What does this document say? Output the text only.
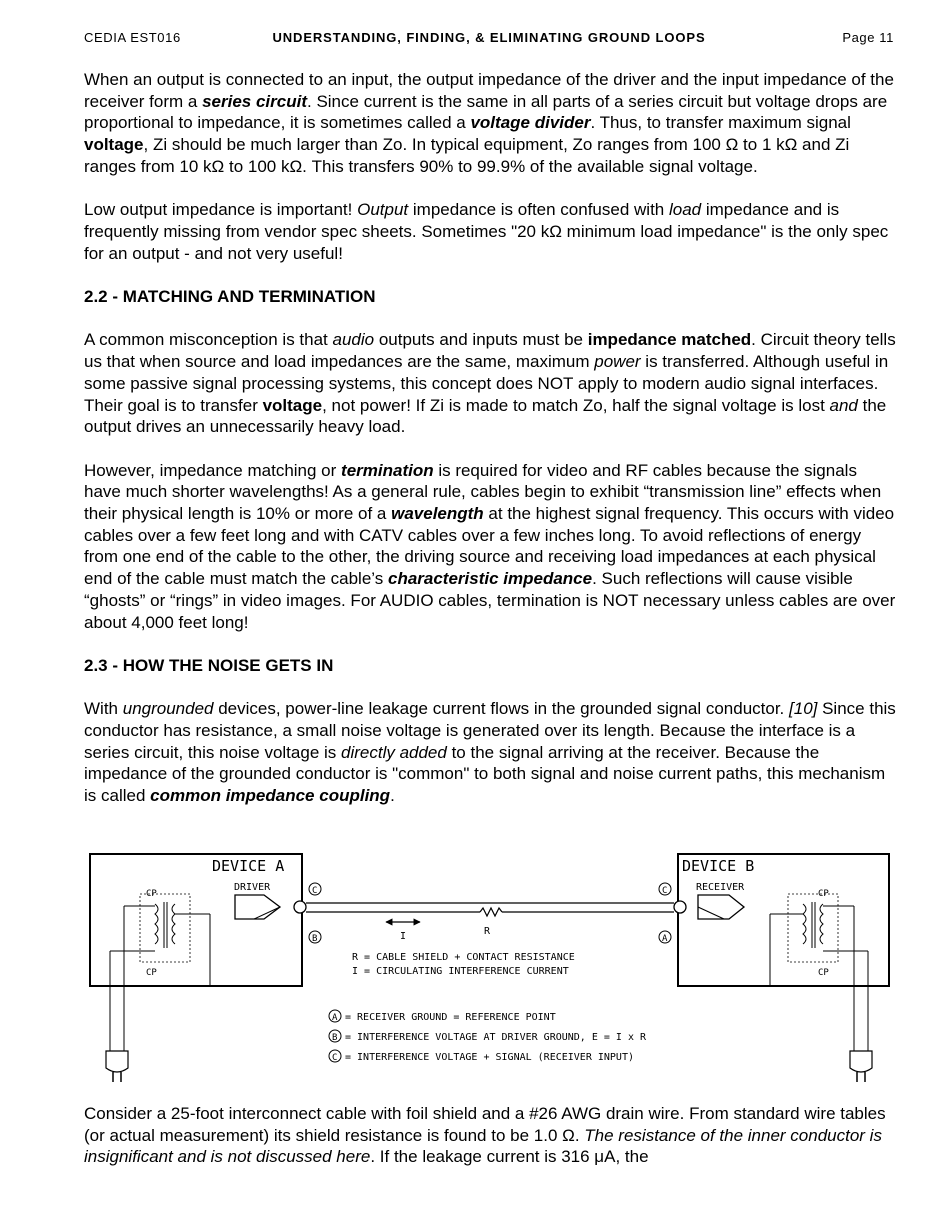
CEDIA EST016	UNDERSTANDING, FINDING, & ELIMINATING GROUND LOOPS	Page 11

When an output is connected to an input, the output impedance of the driver and the input impedance of the receiver form a series circuit. Since current is the same in all parts of a series circuit but voltage drops are proportional to impedance, it is sometimes called a voltage divider. Thus, to transfer maximum signal voltage, Zi should be much larger than Zo. In typical equipment, Zo ranges from 100 Ω to 1 kΩ and Zi ranges from 10 kΩ to 100 kΩ. This transfers 90% to 99.9% of the available signal voltage.

Low output impedance is important! Output impedance is often confused with load impedance and is frequently missing from vendor spec sheets. Sometimes "20 kΩ minimum load impedance" is the only spec for an output - and not very useful!

2.2 - MATCHING AND TERMINATION

A common misconception is that audio outputs and inputs must be impedance matched. Circuit theory tells us that when source and load impedances are the same, maximum power is transferred. Although useful in some passive signal processing systems, this concept does NOT apply to modern audio signal interfaces. Their goal is to transfer voltage, not power! If Zi is made to match Zo, half the signal voltage is lost and the output drives an unnecessarily heavy load.

However, impedance matching or termination is required for video and RF cables because the signals have much shorter wavelengths! As a general rule, cables begin to exhibit “transmission line” effects when their physical length is 10% or more of a wavelength at the highest signal frequency. This occurs with video cables over a few feet long and with CATV cables over a few inches long. To avoid reflections of energy from one end of the cable to the other, the driving source and receiving load impedances at each physical end of the cable must match the cable’s characteristic impedance. Such reflections will cause visible “ghosts” or “rings” in video images. For AUDIO cables, termination is NOT necessary unless cables are over about 4,000 feet long!

2.3 - HOW THE NOISE GETS IN

With ungrounded devices, power-line leakage current flows in the grounded signal conductor. [10] Since this conductor has resistance, a small noise voltage is generated over its length. Because the interface is a series circuit, this noise voltage is directly added to the signal arriving at the receiver. Because the impedance of the grounded conductor is "common" to both signal and noise current paths, this mechanism is called common impedance coupling.

DEVICE A	DEVICE B
DRIVER	RECEIVER
R
I
C
B
C
A
R = CABLE SHIELD + CONTACT RESISTANCE
I = CIRCULATING INTERFERENCE CURRENT
CP
CP
CP
CP
A = RECEIVER GROUND = REFERENCE POINT
B = INTERFERENCE VOLTAGE AT DRIVER GROUND, E = I x R
C = INTERFERENCE VOLTAGE + SIGNAL (RECEIVER INPUT)

Consider a 25-foot interconnect cable with foil shield and a #26 AWG drain wire. From standard wire tables (or actual measurement) its shield resistance is found to be 1.0 Ω. The resistance of the inner conductor is insignificant and is not discussed here. If the leakage current is 316 μA, the
